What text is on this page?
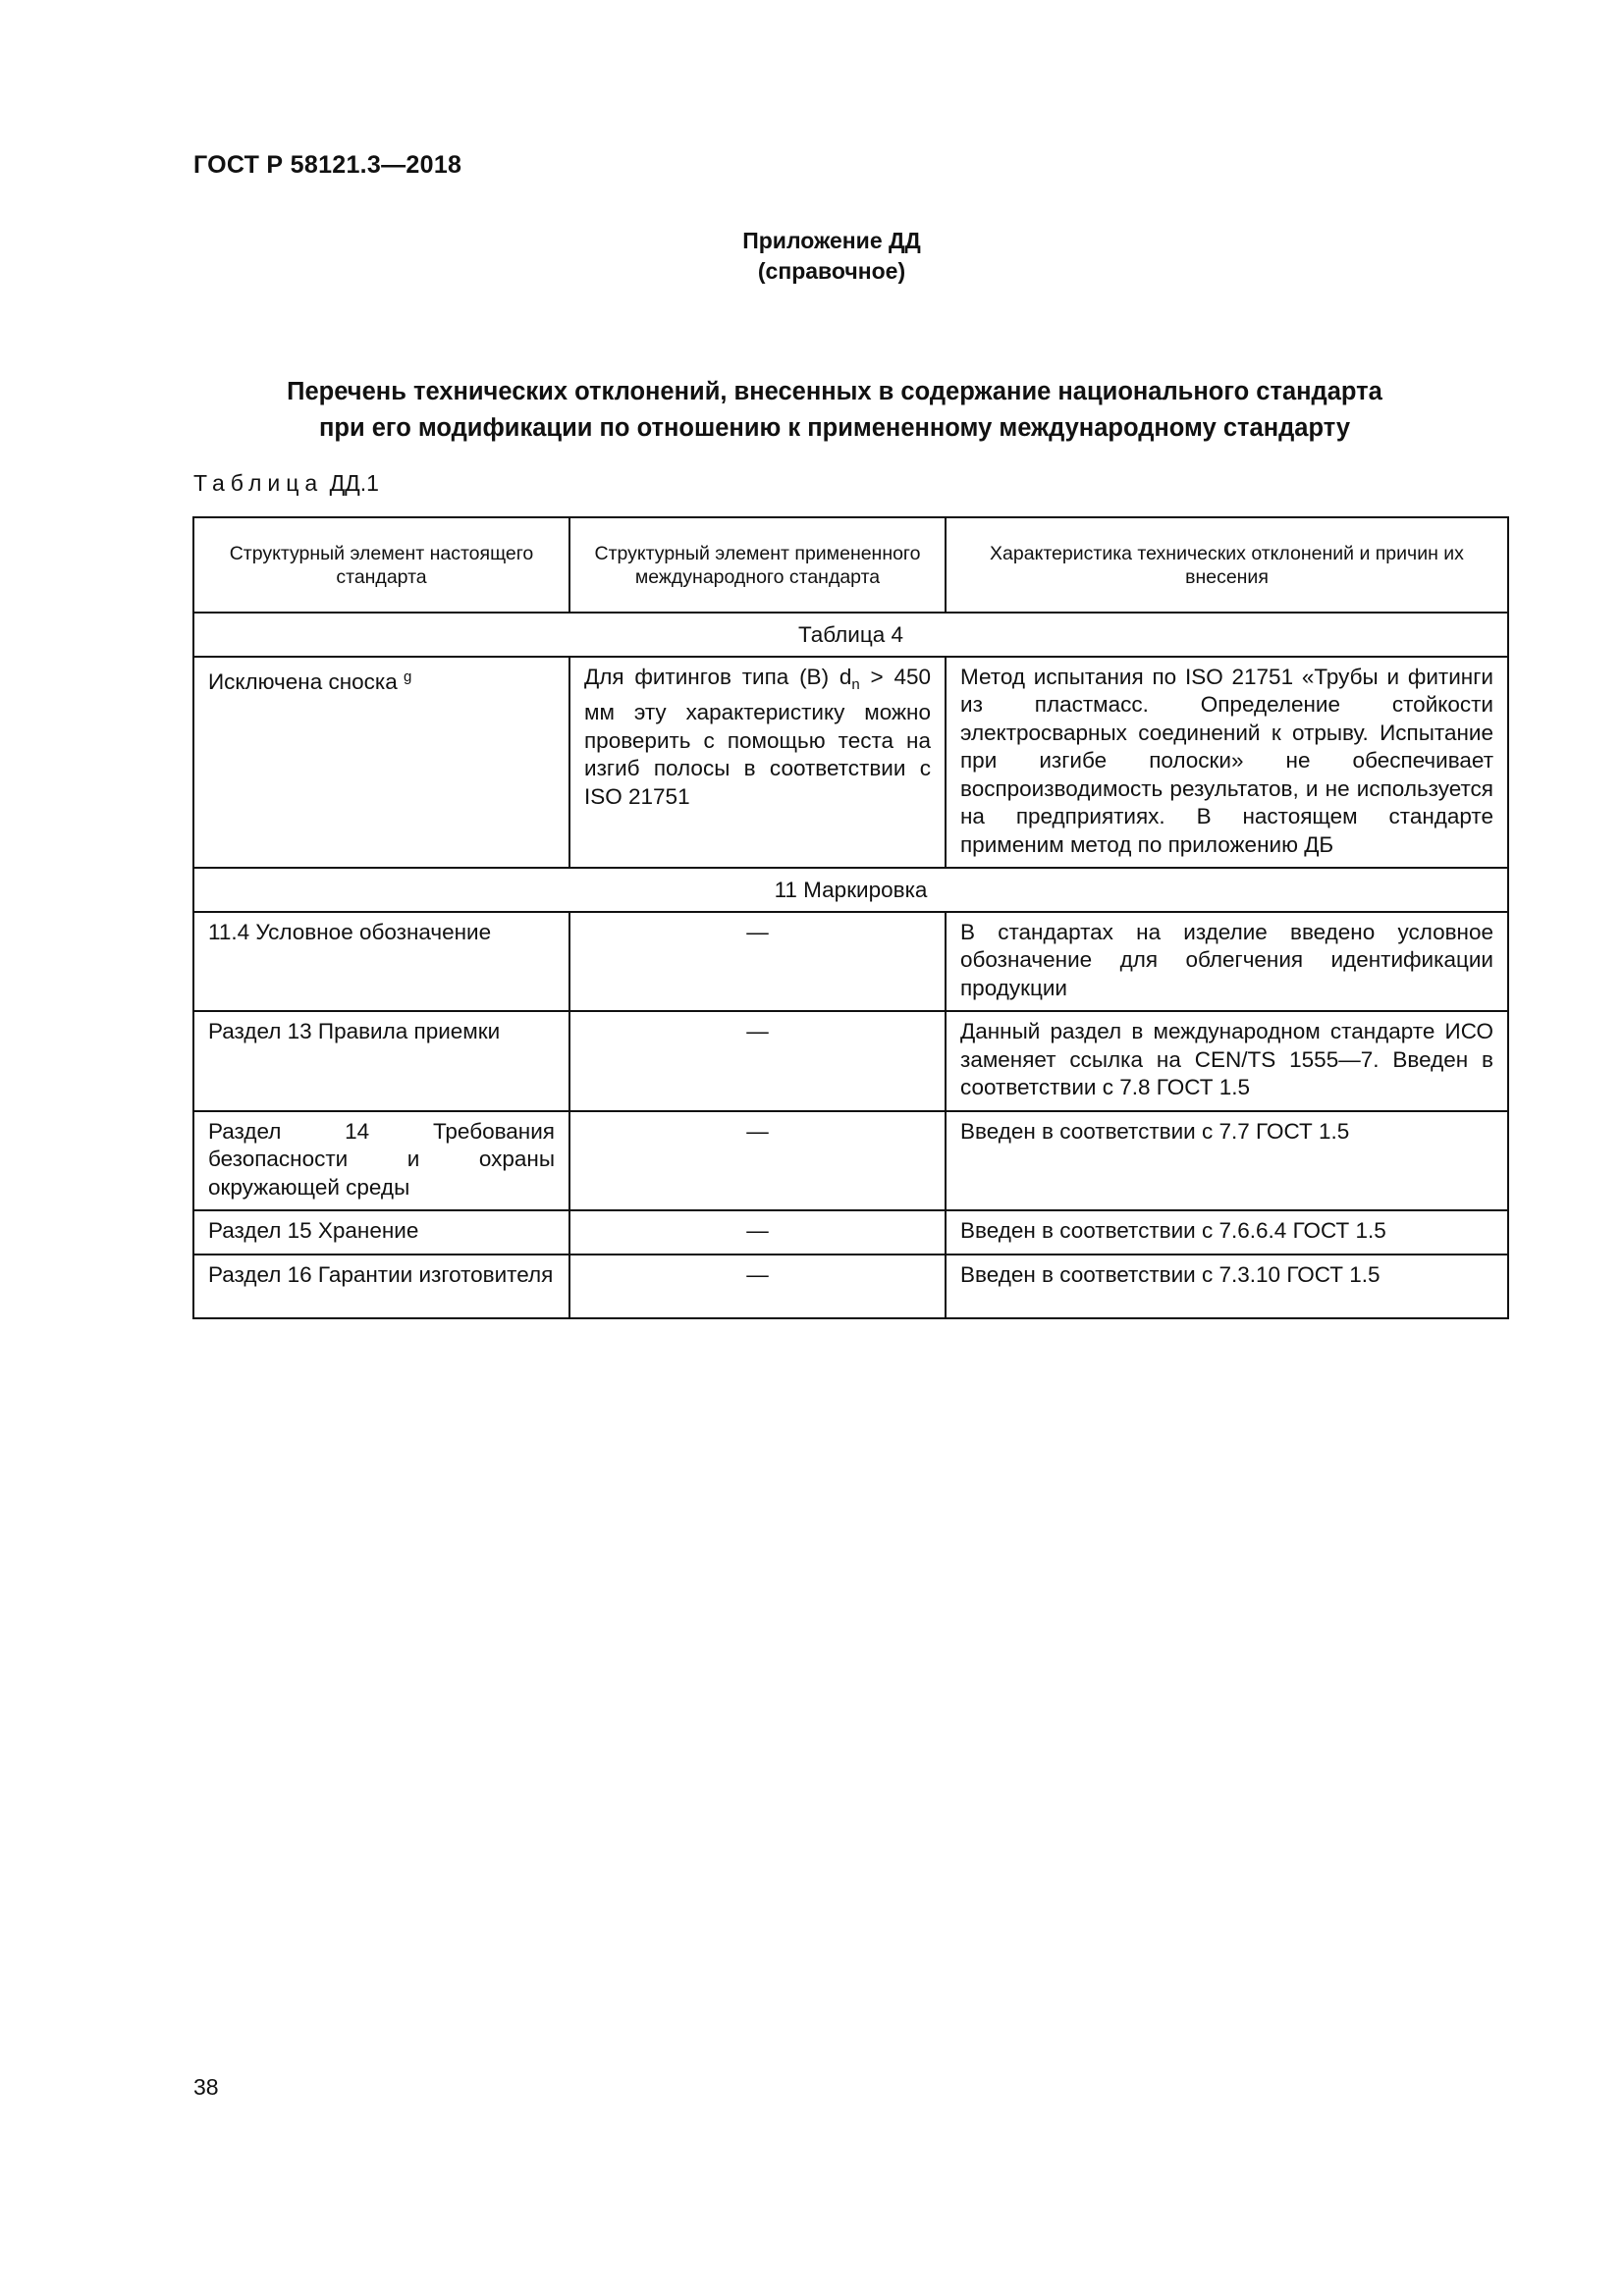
ГОСТ Р 58121.3—2018
Приложение ДД
(справочное)
Перечень технических отклонений, внесенных в содержание национального стандарта
при его модификации по отношению к примененному международному стандарту
Таблица ДД.1
Структурный элемент настоящего стандарта	Структурный элемент примененного международного стандарта	Характеристика технических отклонений и причин их внесения
Таблица 4		
Исключена сноска $^g$	Для фитингов типа (В) $d_n > 450$ мм эту характеристику можно проверить с помощью теста на изгиб полосы в соответствии с ISO 21751	Метод испытания по ISO 21751 «Трубы и фитинги из пластмасс. Определение стойкости электросварных соединений к отрыву. Испытание при изгибе полоски» не обеспечивает воспроизводимость результатов, и не используется на предприятиях. В настоящем стандарте применим метод по приложению ДБ
11 Маркировка		
11.4 Условное обозначение	—	В стандартах на изделие введено условное обозначение для облегчения идентификации продукции
Раздел 13 Правила приемки	—	Данный раздел в международном стандарте ИСО заменяет ссылка на CEN/TS 1555—7. Введен в соответствии с 7.8 ГОСТ 1.5
Раздел 14 Требования безопасности и охраны окружающей среды	—	Введен в соответствии с 7.7 ГОСТ 1.5
Раздел 15 Хранение	—	Введен в соответствии с 7.6.6.4 ГОСТ 1.5
Раздел 16 Гарантии изготовителя	—	Введен в соответствии с 7.3.10 ГОСТ 1.5
38
